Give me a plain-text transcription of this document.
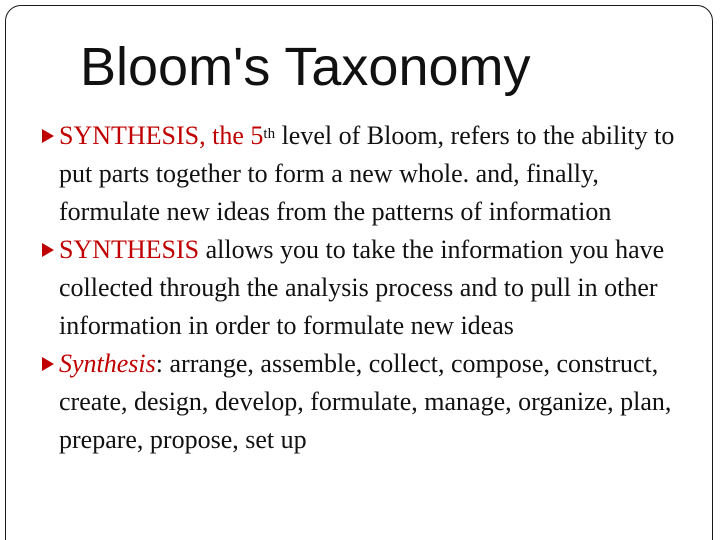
Bloom's Taxonomy
SYNTHESIS, the 5th level of Bloom, refers to the ability to put parts together to form a new whole. and, finally, formulate new ideas from the patterns of information
SYNTHESIS allows you to take the information you have collected through the analysis process and to pull in other information in order to formulate new ideas
Synthesis: arrange, assemble, collect, compose, construct, create, design, develop, formulate, manage, organize, plan, prepare, propose, set up
